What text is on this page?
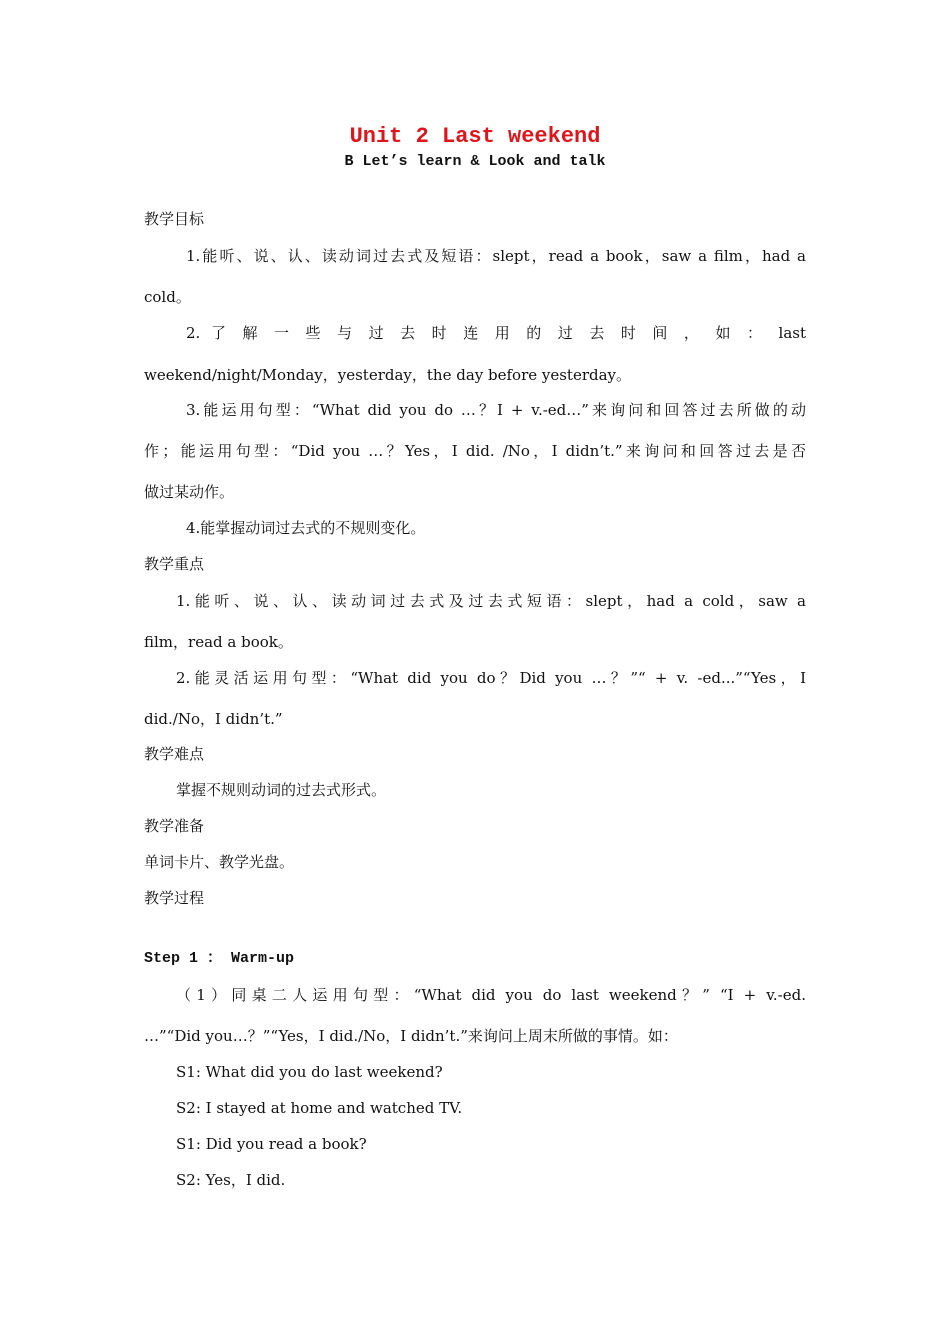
Unit 2 Last weekend
B Let’s learn & Look and talk
教学目标
1.能听、说、认、读动词过去式及短语：slept，read a book，saw a film，had a
cold。
2. 了 解 一 些 与 过 去 时 连 用 的 过 去 时 间 ， 如 ： last
weekend/night/Monday，yesterday，the day before yesterday。
3.能运用句型：“What did you do …？I + v.-ed…”来询问和回答过去所做的动
作；能运用句型：“Did you …？Yes，I did. /No，I didn’t.”来询问和回答过去是否
做过某动作。
4.能掌握动词过去式的不规则变化。
教学重点
1.能听、说、认、读动词过去式及过去式短语：slept，had a cold，saw a
film，read a book。
2.能灵活运用句型：“What did you do？Did you …？”“ + v. -ed...”“Yes，I
did./No，I didn’t.”
教学难点
掌握不规则动词的过去式形式。
教学准备
单词卡片、教学光盘。
教学过程
Step 1 ： Warm-up
（1）同桌二人运用句型：“What did you do last weekend？” “I + v.-ed.
…”“Did you…？”“Yes，I did./No，I didn’t.”来询问上周末所做的事情。如：
S1: What did you do last weekend?
S2: I stayed at home and watched TV.
S1: Did you read a book?
S2: Yes，I did.
